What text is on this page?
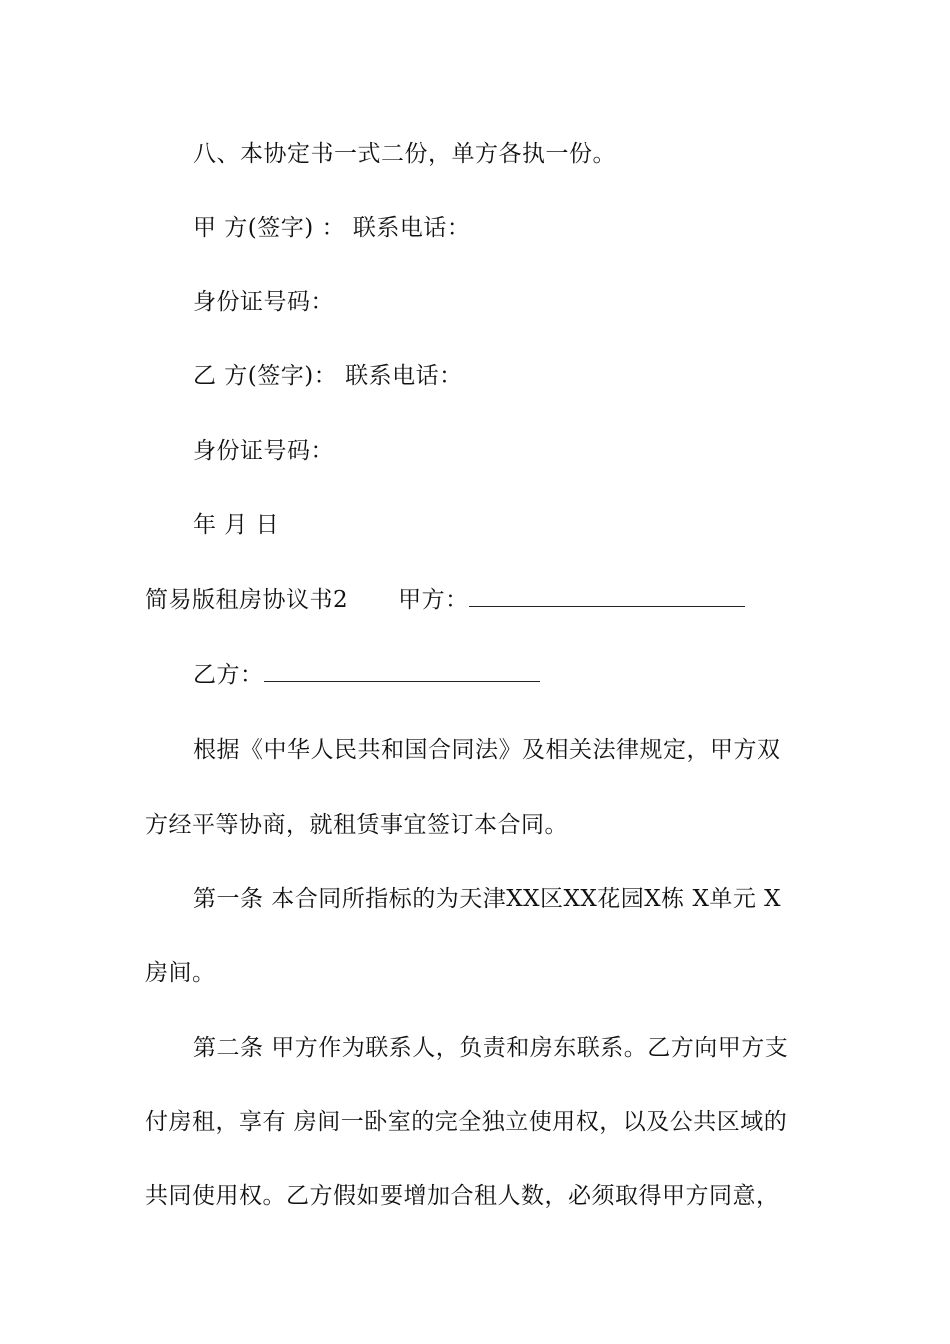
八、本协定书一式二份，单方各执一份。
甲 方(签字) ： 联系电话：
身份证号码：
乙 方(签字)： 联系电话：
身份证号码：
年 月 日
简易版租房协议书2 甲方：
乙方：
根据《中华人民共和国合同法》及相关法律规定，甲方双
方经平等协商，就租赁事宜签订本合同。
第一条 本合同所指标的为天津XX区XX花园X栋 X单元 X
房间。
第二条 甲方作为联系人，负责和房东联系。乙方向甲方支
付房租，享有 房间一卧室的完全独立使用权，以及公共区域的
共同使用权。乙方假如要增加合租人数，必须取得甲方同意，
